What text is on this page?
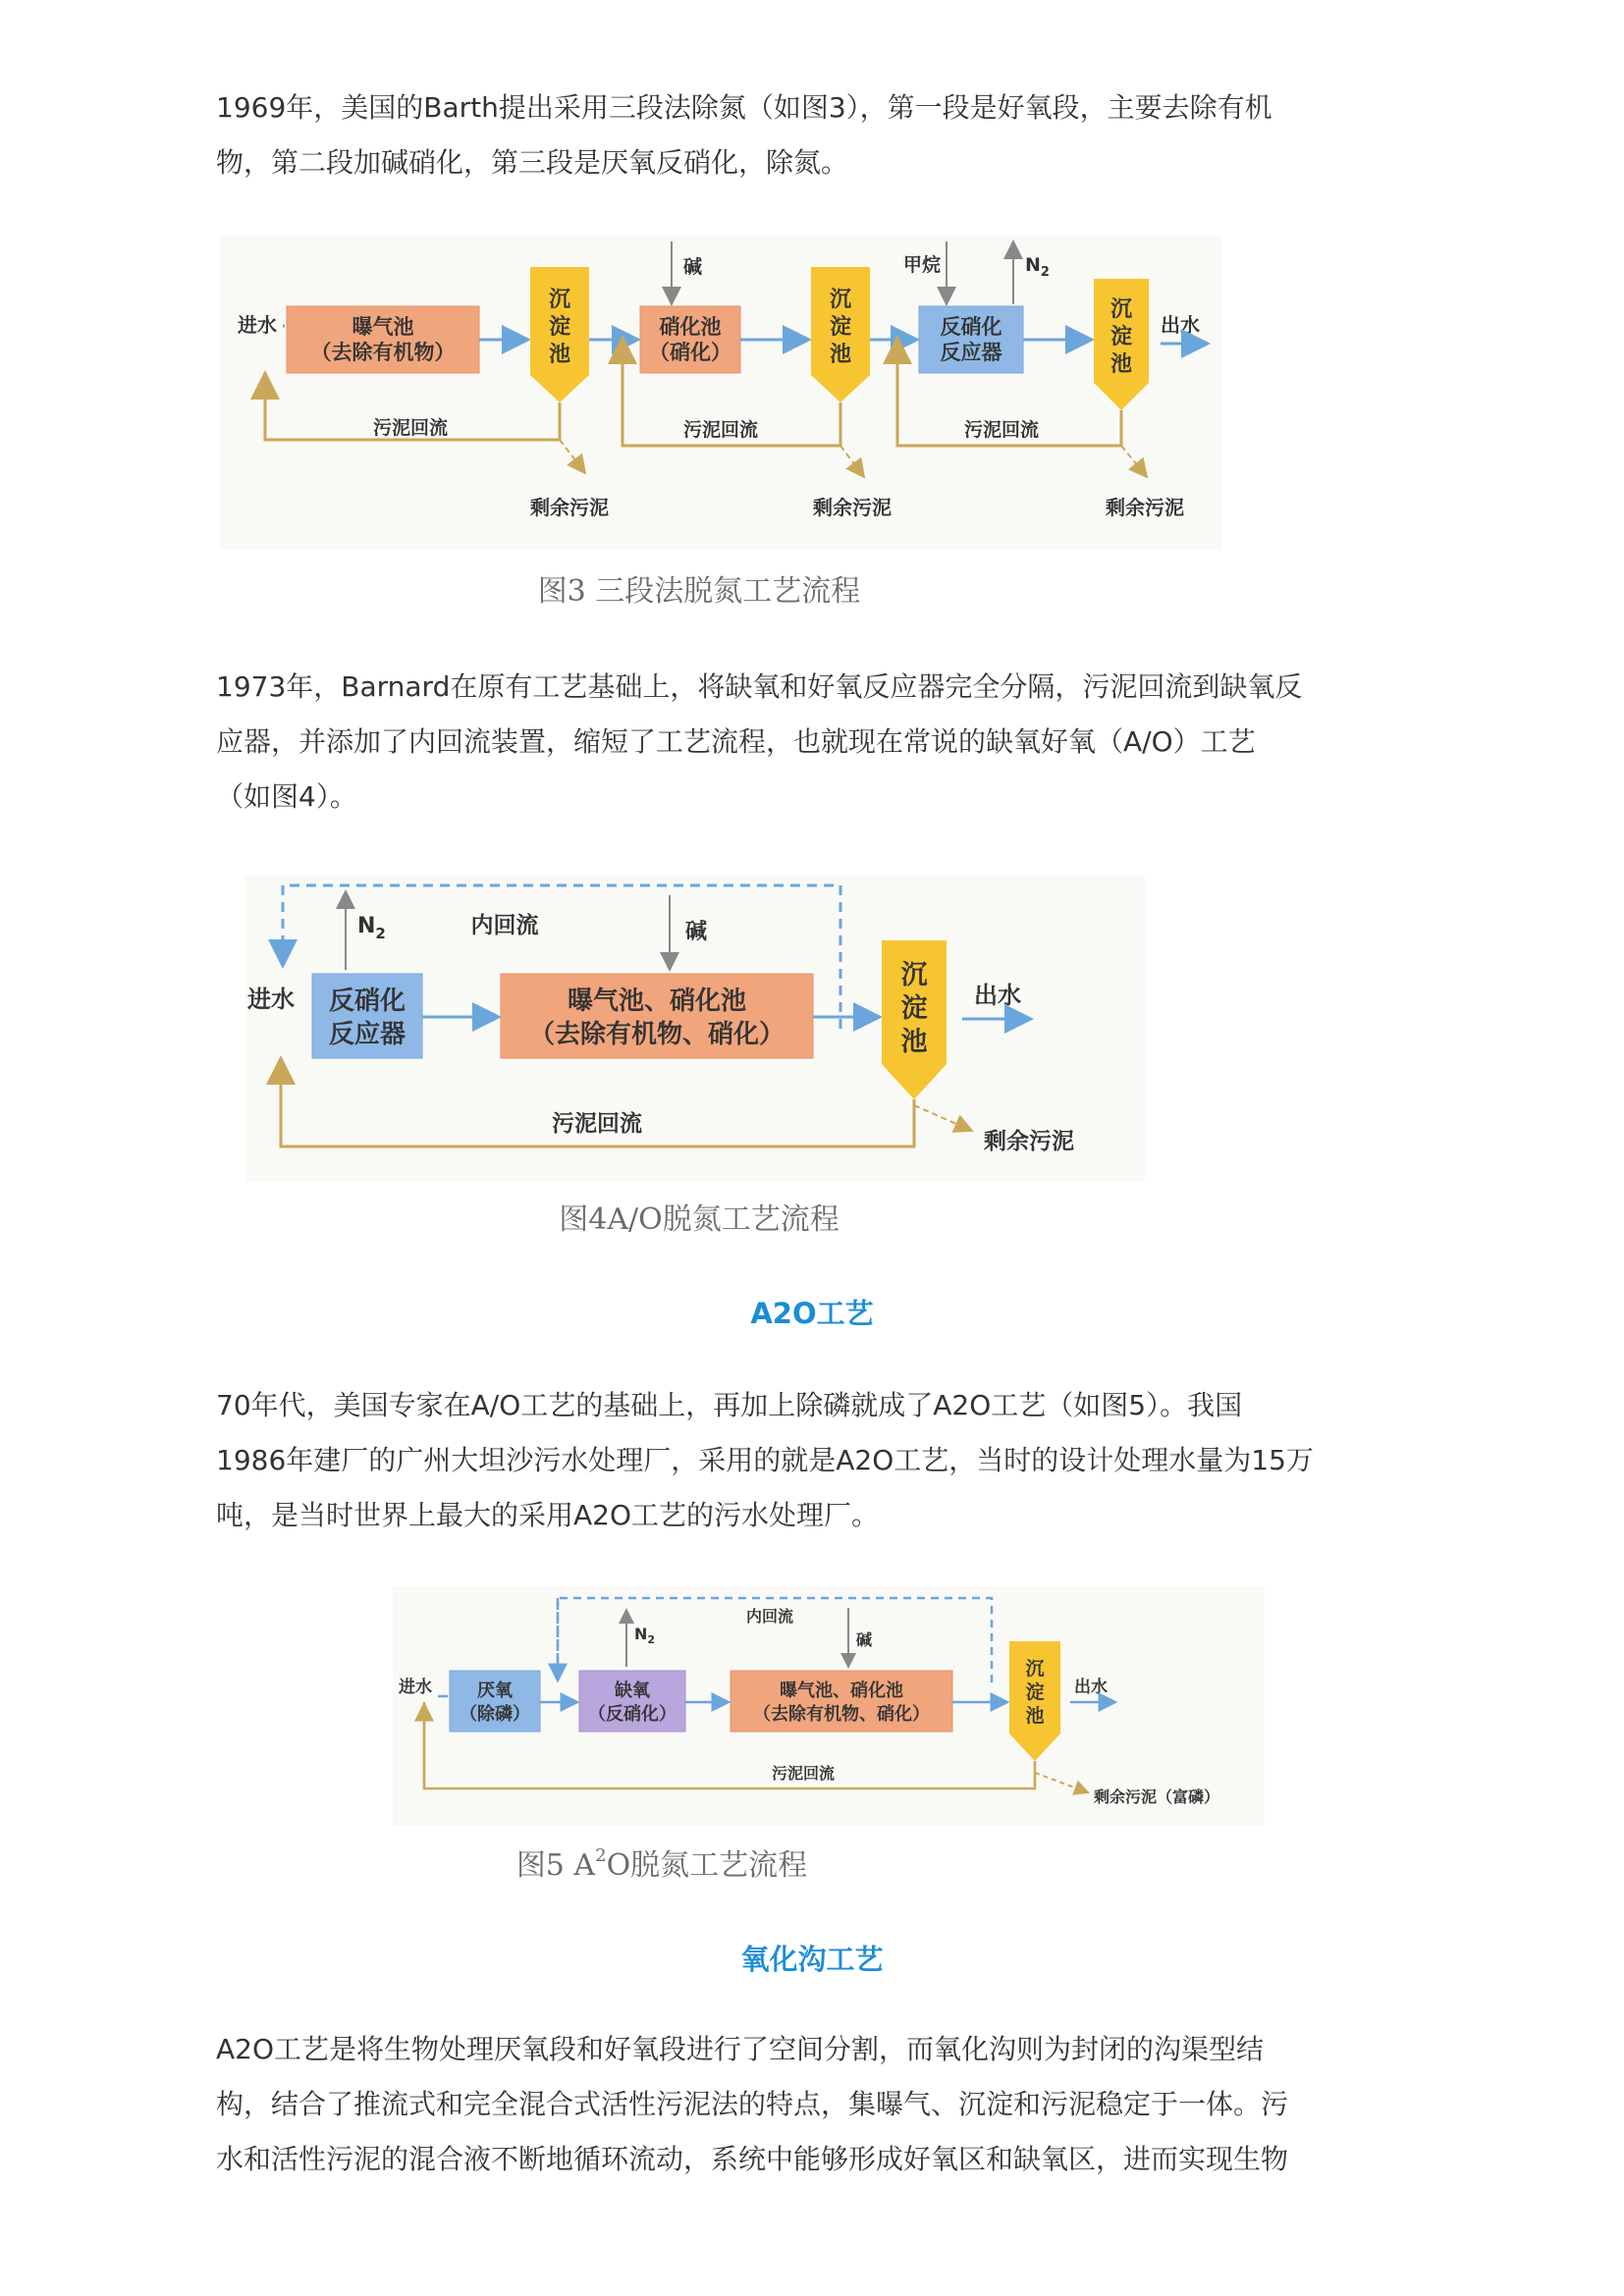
1969年，美国的Barth提出采用三段法除氮（如图3），第一段是好氧段，主要去除有机
物，第二段加碱硝化，第三段是厌氧反硝化，除氮。
进水	曝气池
（去除有机物）
沉
淀
池
硝化池
（硝化）
碱
沉
淀
池
反硝化
反应器
甲烷	$N_2$
沉
淀
池
出水
污泥回流	污泥回流	污泥回流
剩余污泥	剩余污泥	剩余污泥
图3 三段法脱氮工艺流程
1973年，Barnard在原有工艺基础上，将缺氧和好氧反应器完全分隔，污泥回流到缺氧反
应器，并添加了内回流装置，缩短了工艺流程，也就现在常说的缺氧好氧（A/O）工艺
（如图4）。
进水 反硝化
反应器
$N_2$	内回流
曝气池、硝化池
（去除有机物、硝化）
碱
沉
淀
池
出水
污泥回流
剩余污泥
图4A/O脱氮工艺流程
A2O工艺
70年代，美国专家在A/O工艺的基础上，再加上除磷就成了A2O工艺（如图5）。我国
1986年建厂的广州大坦沙污水处理厂，采用的就是A2O工艺，当时的设计处理水量为15万
吨，是当时世界上最大的采用A2O工艺的污水处理厂。
进水	厌氧
（除磷）
缺氧
（反硝化）
$N_2$
曝气池、硝化池
（去除有机物、硝化）
内回流
碱
沉
淀
池
出水
污泥回流
剩余污泥（富磷）
图5 $A^2O$脱氮工艺流程
氧化沟工艺
A2O工艺是将生物处理厌氧段和好氧段进行了空间分割，而氧化沟则为封闭的沟渠型结
构，结合了推流式和完全混合式活性污泥法的特点，集曝气、沉淀和污泥稳定于一体。污
水和活性污泥的混合液不断地循环流动，系统中能够形成好氧区和缺氧区，进而实现生物
